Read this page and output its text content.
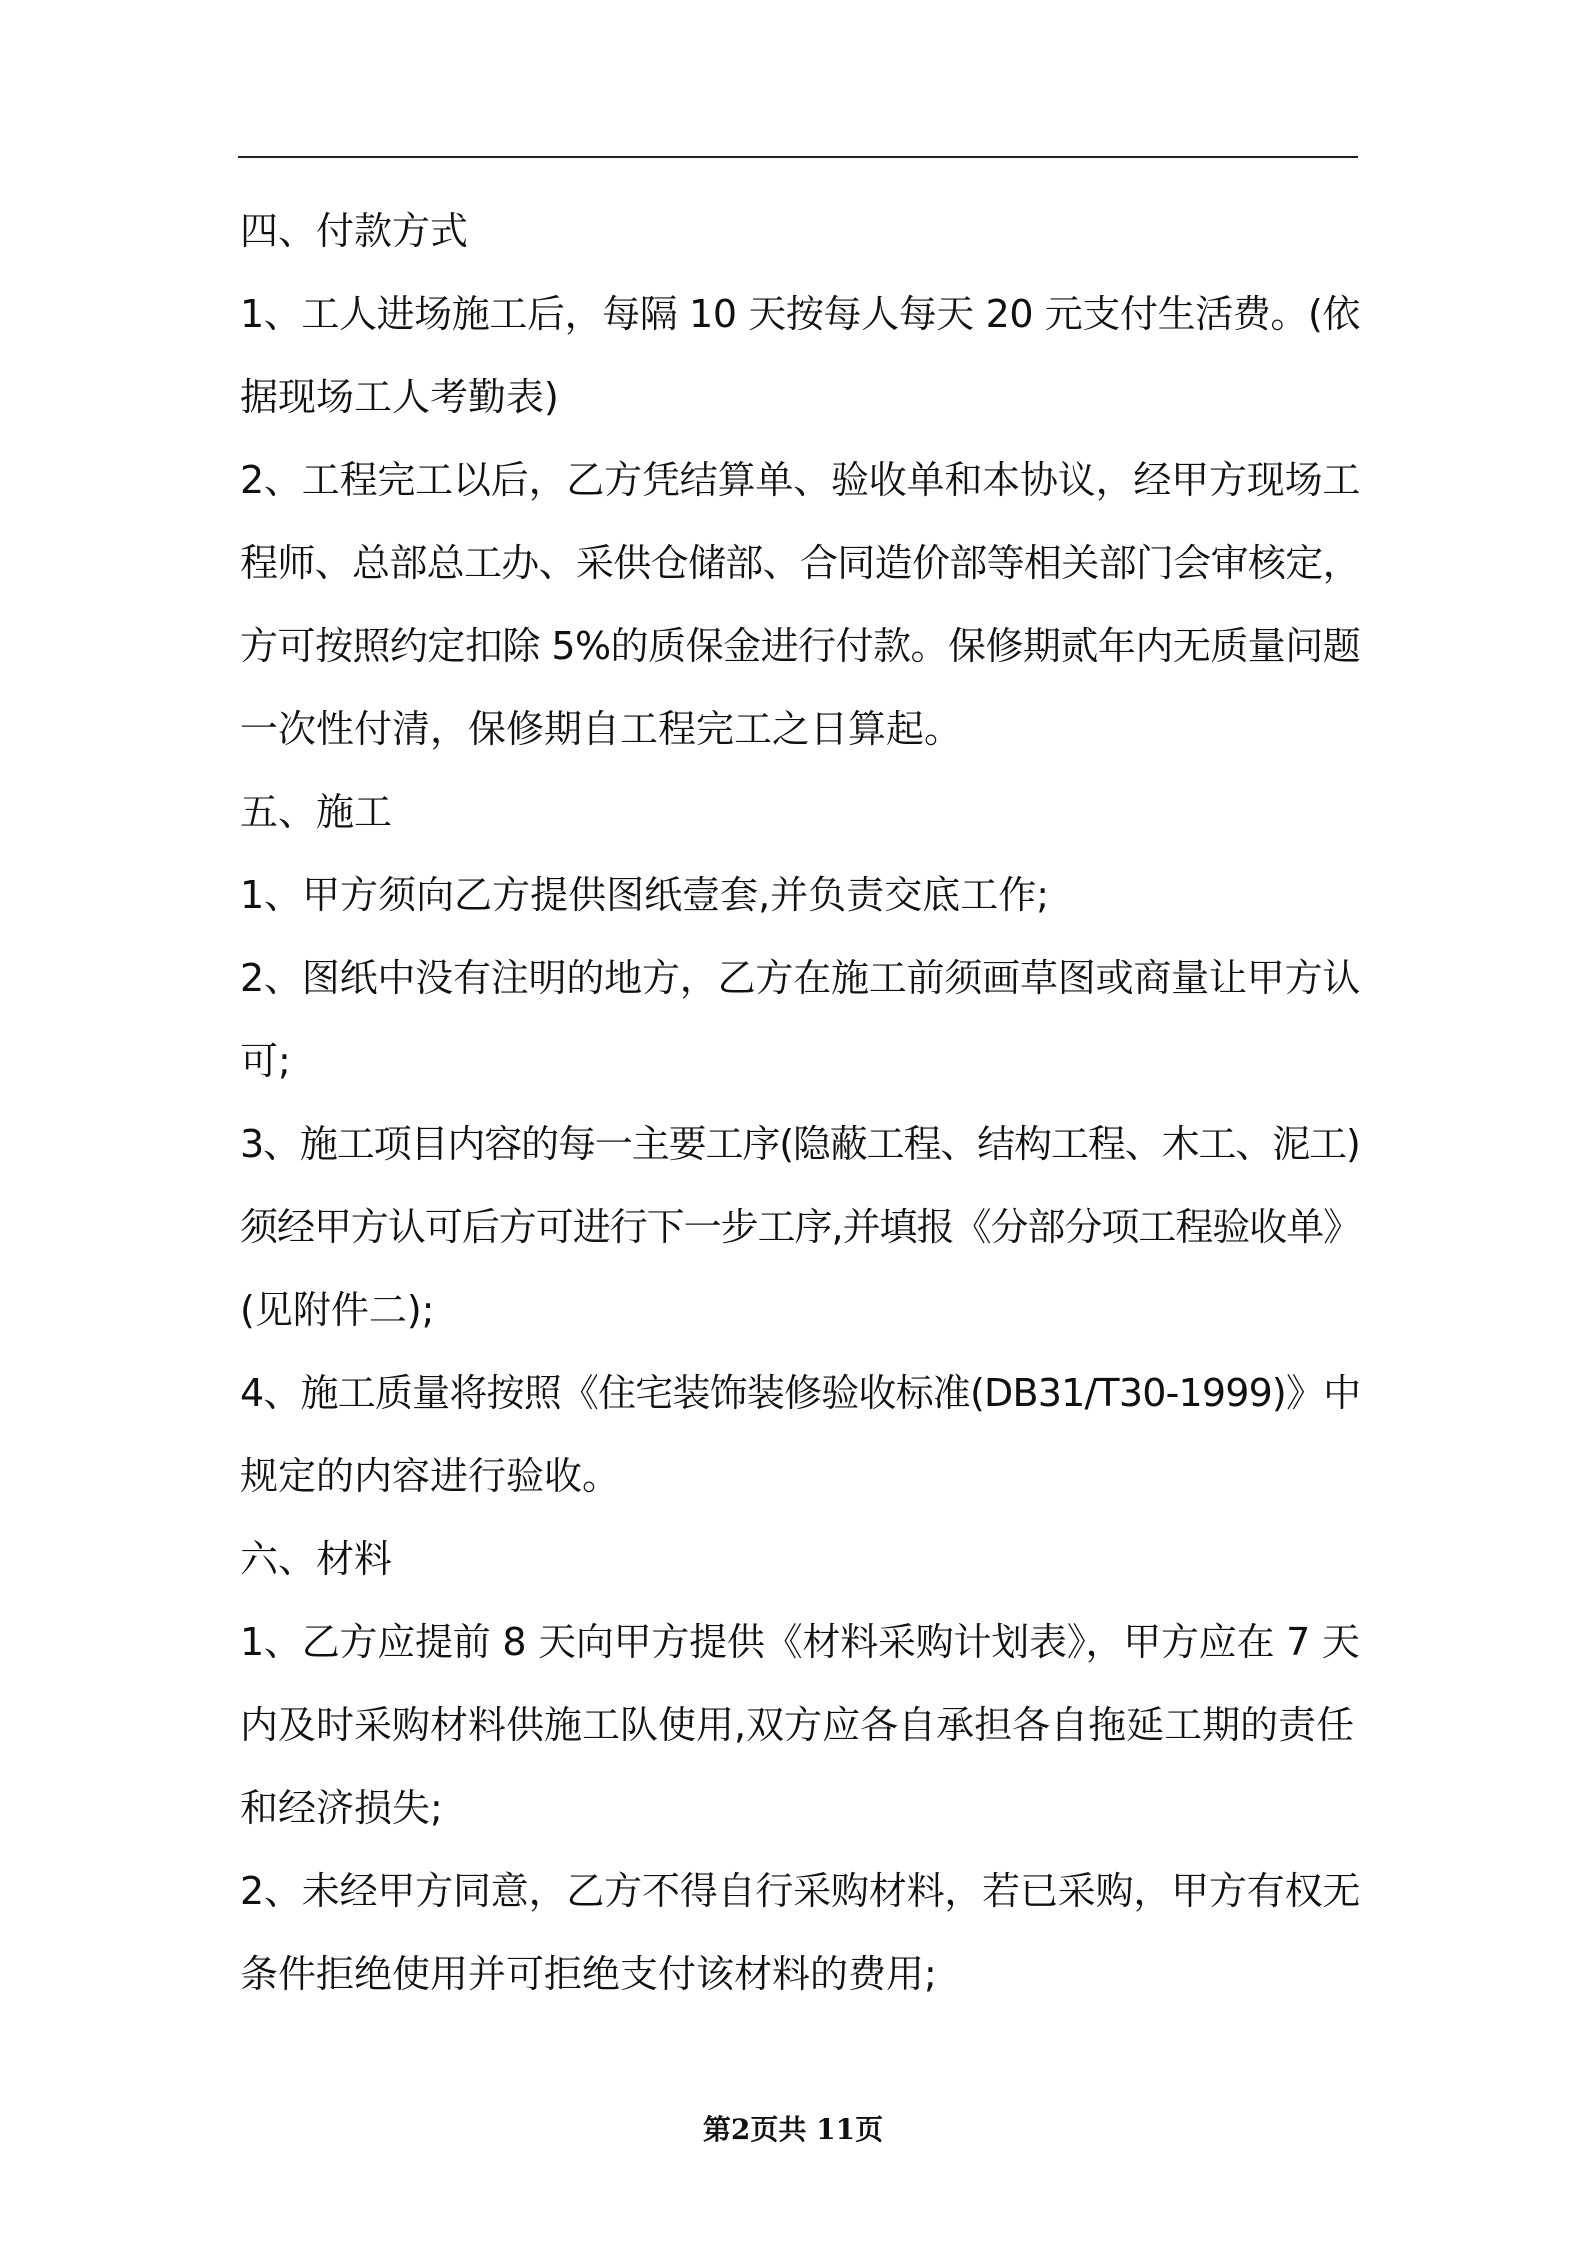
四、付款方式
1、工人进场施工后，每隔 10 天按每人每天 20 元支付生活费。(依
据现场工人考勤表)
2、工程完工以后，乙方凭结算单、验收单和本协议，经甲方现场工
程师、总部总工办、采供仓储部、合同造价部等相关部门会审核定，
方可按照约定扣除 5%的质保金进行付款。保修期贰年内无质量问题
一次性付清，保修期自工程完工之日算起。
五、施工
1、甲方须向乙方提供图纸壹套,并负责交底工作;
2、图纸中没有注明的地方，乙方在施工前须画草图或商量让甲方认
可;
3、施工项目内容的每一主要工序(隐蔽工程、结构工程、木工、泥工)
须经甲方认可后方可进行下一步工序,并填报《分部分项工程验收单》
(见附件二);
4、施工质量将按照《住宅装饰装修验收标准(DB31/T30-1999)》中
规定的内容进行验收。
六、材料
1、乙方应提前 8 天向甲方提供《材料采购计划表》，甲方应在 7 天
内及时采购材料供施工队使用,双方应各自承担各自拖延工期的责任
和经济损失;
2、未经甲方同意，乙方不得自行采购材料，若已采购，甲方有权无
条件拒绝使用并可拒绝支付该材料的费用;
第2页共 11页
